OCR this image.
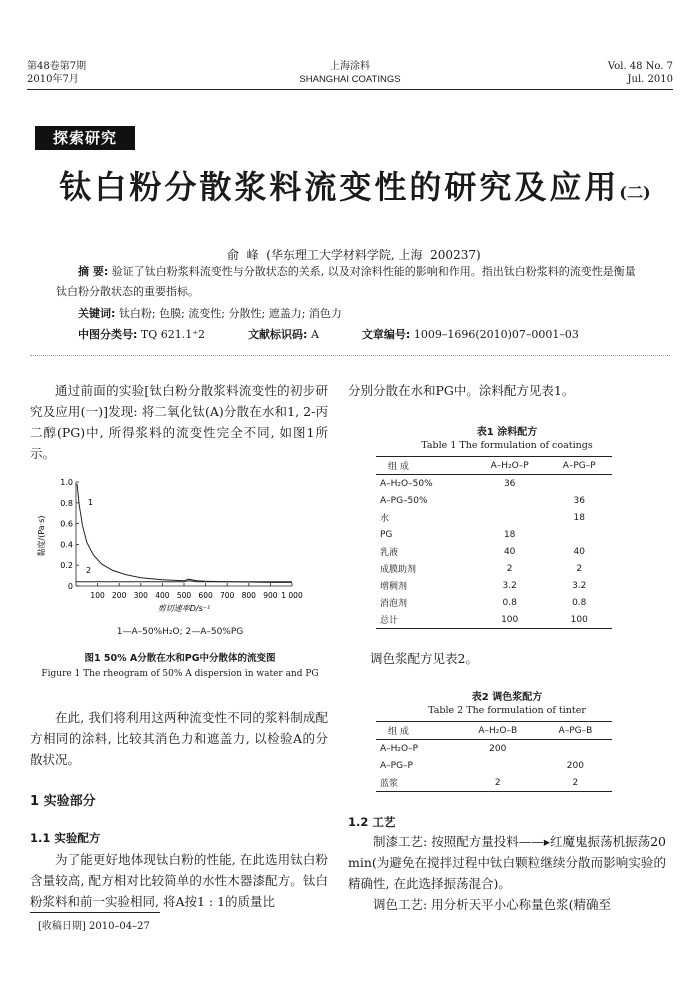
第48卷第7期
2010年7月
上海涂料
SHANGHAI COATINGS
Vol. 48 No. 7
Jul. 2010
探索研究
钛白粉分散浆料流变性的研究及应用(二)

俞  峰  (华东理工大学材料学院, 上海  200237)

摘 要: 验证了钛白粉浆料流变性与分散状态的关系, 以及对涂料性能的影响和作用。指出钛白粉浆料的流变性是衡量钛白粉分散状态的重要指标。
关键词: 钛白粉; 色膜; 流变性; 分散性; 遮盖力; 消色力
中图分类号: TQ 621.1⁺2	文献标识码: A	文章编号: 1009–1696(2010)07–0001–03
通过前面的实验[钛白粉分散浆料流变性的初步研究及应用(一)]发现: 将二氧化钛(A)分散在水和1, 2-丙二醇(PG)中, 所得浆料的流变性完全不同, 如图1所示。
0
0.2
0.4
0.6
0.8
1.0
100 200 300 400 500 600 700 800 900 1 000
1
2
黏度/(Pa·s)
剪切速率D/s⁻¹
1—A–50%H₂O; 2—A–50%PG
图1 50% A分散在水和PG中分散体的流变图
Figure 1 The rheogram of 50% A dispersion in water and PG
在此, 我们将利用这两种流变性不同的浆料制成配方相同的涂料, 比较其消色力和遮盖力, 以检验A的分散状况。
1 实验部分
1.1 实验配方
为了能更好地体现钛白粉的性能, 在此选用钛白粉含量较高, 配方相对比较简单的水性木器漆配方。钛白粉浆料和前一实验相同, 将A按1 : 1的质量比
[收稿日期] 2010–04–27
分别分散在水和PG中。涂料配方见表1。
表1 涂料配方
Table 1 The formulation of coatings
组 成	A–H₂O–P	A–PG–P
A–H₂O–50%	36	
A–PG–50%		36
水		18
PG	18	
乳液	40	40
成膜助剂	2	2
增稠剂	3.2	3.2
消泡剂	0.8	0.8
总计	100	100
调色浆配方见表2。
表2 调色浆配方
Table 2 The formulation of tinter
组 成	A–H₂O–B	A–PG–B
A–H₂O–P	200	
A–PG–P		200
蓝浆	2	2
1.2 工艺
制漆工艺: 按照配方量投料——▸红魔鬼振荡机振荡20 min(为避免在搅拌过程中钛白颗粒继续分散而影响实验的精确性, 在此选择振荡混合)。
调色工艺: 用分析天平小心称量色浆(精确至
